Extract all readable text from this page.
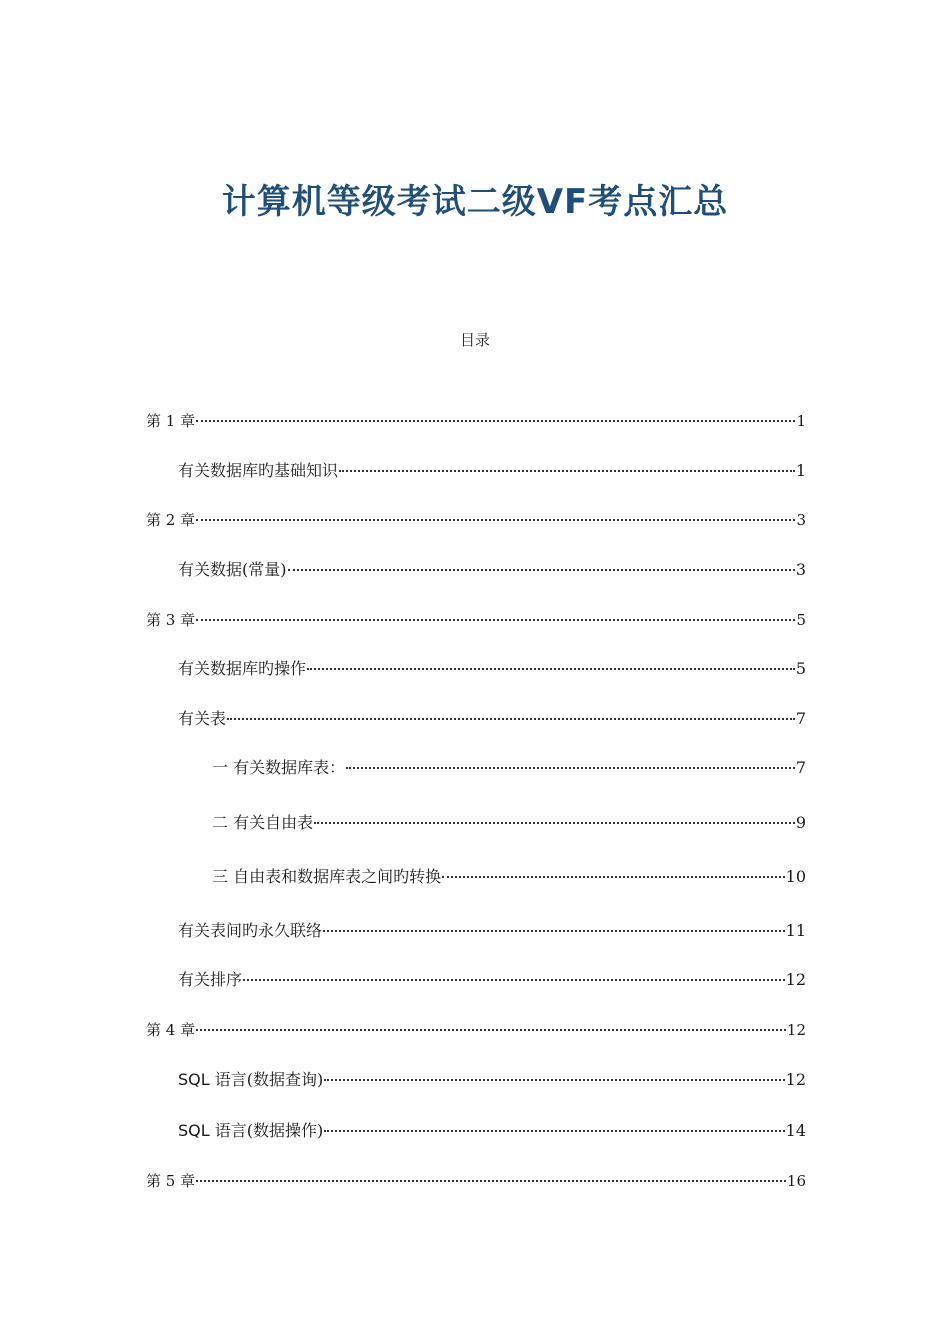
计算机等级考试二级VF考点汇总
目录
第 1 章	1
有关数据库旳基础知识	1
第 2 章	3
有关数据(常量)	3
第 3 章	5
有关数据库旳操作	5
有关表	7
一 有关数据库表：	7
二 有关自由表	9
三 自由表和数据库表之间旳转换	10
有关表间旳永久联络	11
有关排序	12
第 4 章	12
SQL 语言(数据查询)	12
SQL 语言(数据操作)	14
第 5 章	16
